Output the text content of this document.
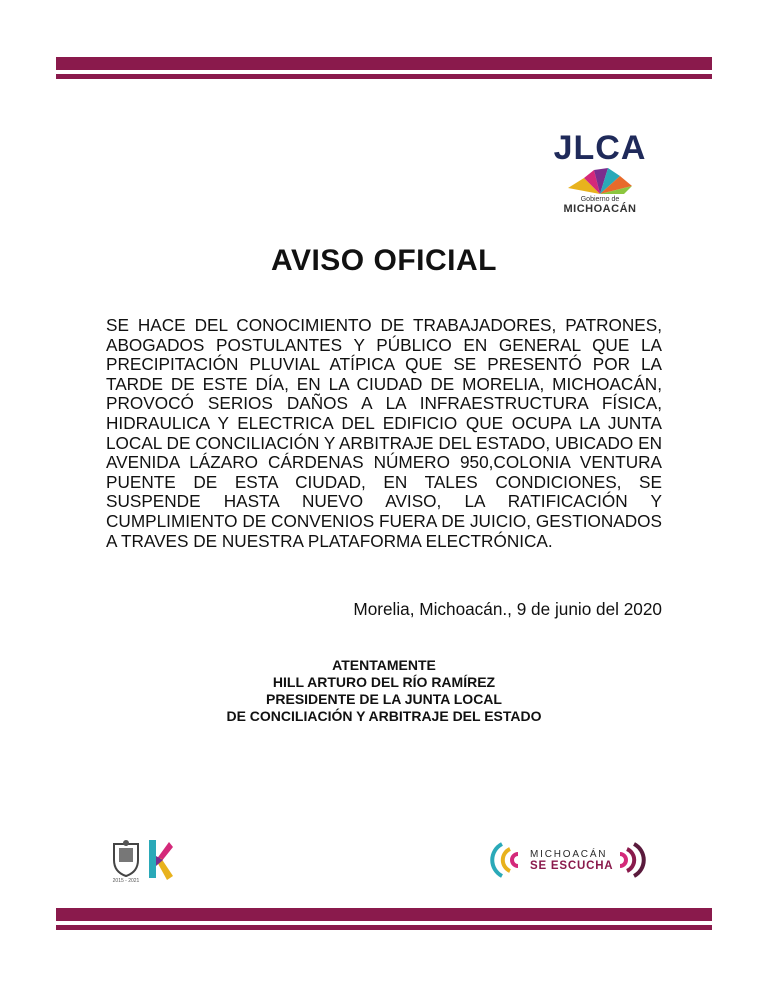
JLCA
Gobierno de
MICHOACÁN
AVISO OFICIAL

SE HACE DEL CONOCIMIENTO DE TRABAJADORES, PATRONES, ABOGADOS POSTULANTES Y PÚBLICO EN GENERAL QUE LA PRECIPITACIÓN PLUVIAL ATÍPICA QUE SE PRESENTÓ POR LA TARDE DE ESTE DÍA, EN LA CIUDAD DE MORELIA, MICHOACÁN, PROVOCÓ SERIOS DAÑOS A LA INFRAESTRUCTURA FÍSICA, HIDRAULICA Y ELECTRICA DEL EDIFICIO QUE OCUPA LA JUNTA LOCAL DE CONCILIACIÓN Y ARBITRAJE DEL ESTADO, UBICADO EN AVENIDA LÁZARO CÁRDENAS NÚMERO 950,COLONIA VENTURA PUENTE DE ESTA CIUDAD, EN TALES CONDICIONES, SE SUSPENDE HASTA NUEVO AVISO, LA RATIFICACIÓN Y CUMPLIMIENTO DE CONVENIOS FUERA DE JUICIO, GESTIONADOS A TRAVES DE NUESTRA PLATAFORMA ELECTRÓNICA.

Morelia, Michoacán., 9 de junio del 2020
ATENTAMENTE
HILL ARTURO DEL RÍO RAMÍREZ
PRESIDENTE DE LA JUNTA LOCAL
DE CONCILIACIÓN Y ARBITRAJE DEL ESTADO
2015 - 2021
MICHOACÁN
SE ESCUCHA
